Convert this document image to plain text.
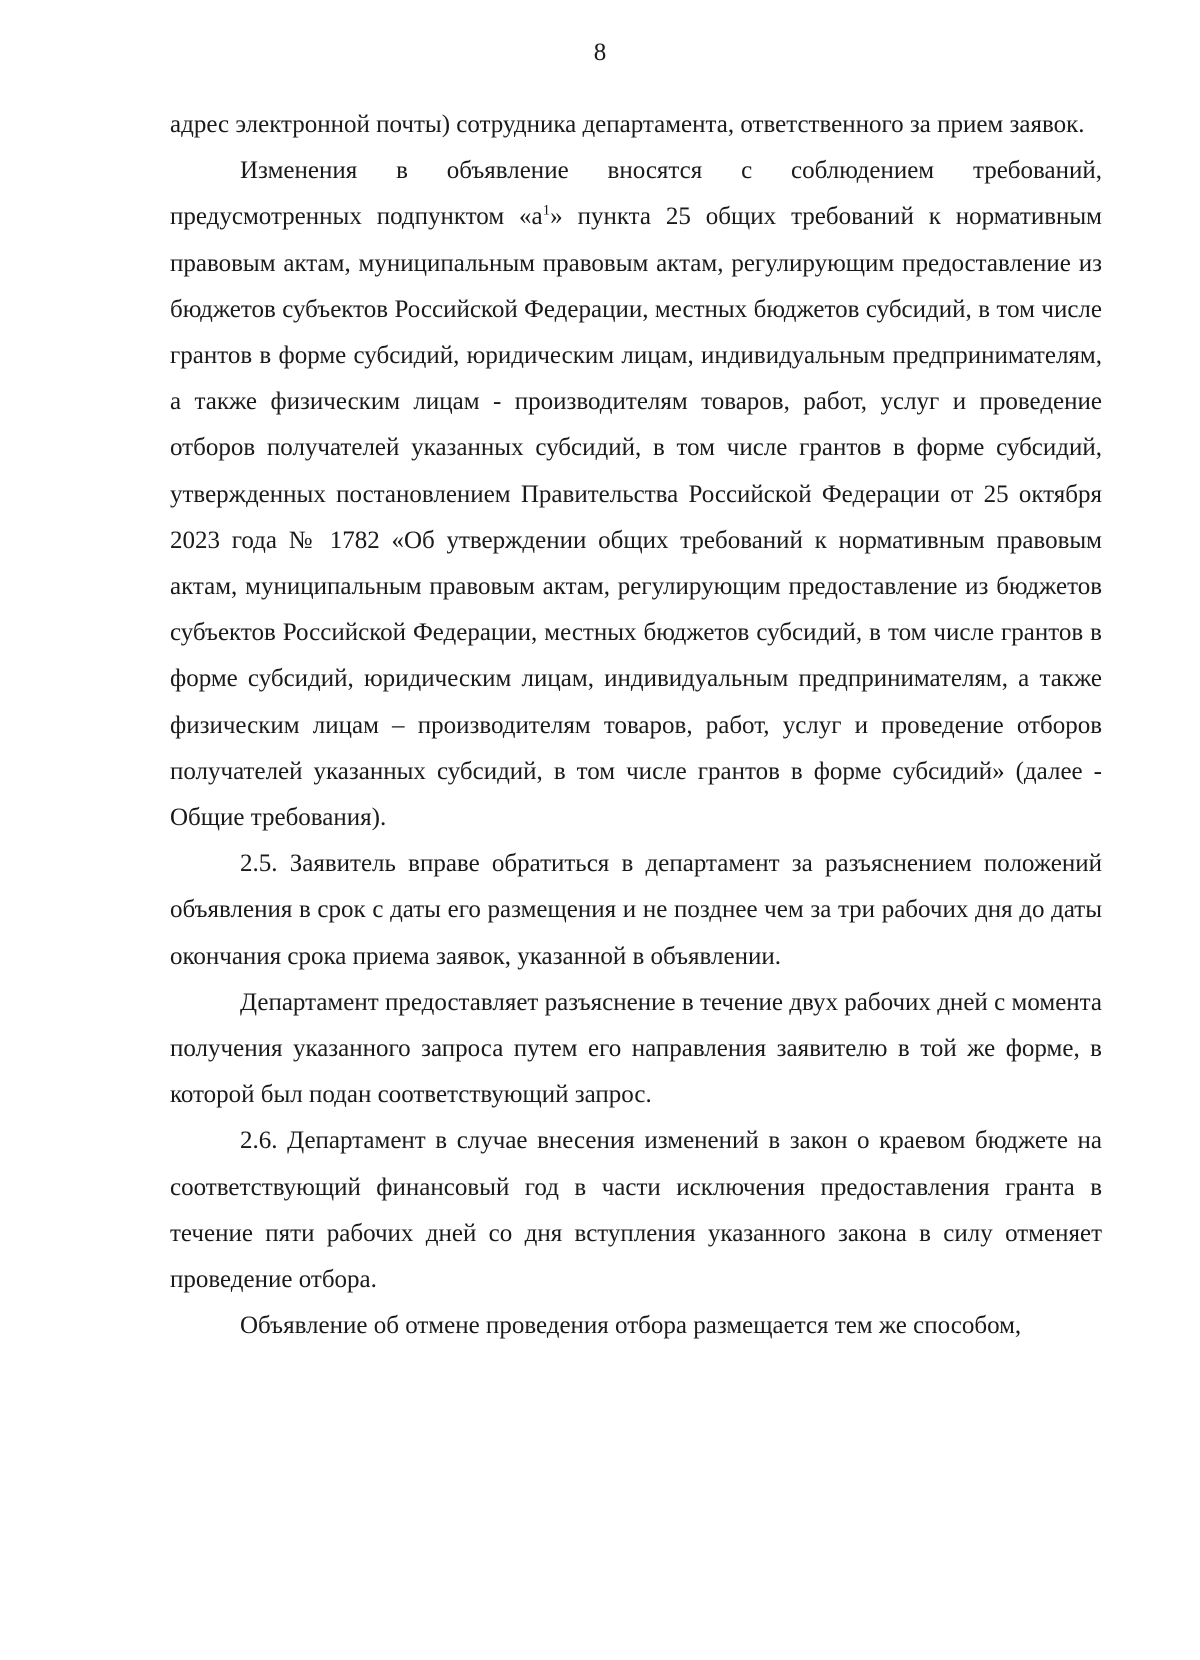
8

адрес электронной почты) сотрудника департамента, ответственного за прием заявок.

Изменения в объявление вносятся с соблюдением требований, предусмотренных подпунктом «$а^1$» пункта 25 общих требований к нормативным правовым актам, муниципальным правовым актам, регулирующим предоставление из бюджетов субъектов Российской Федерации, местных бюджетов субсидий, в том числе грантов в форме субсидий, юридическим лицам, индивидуальным предпринимателям, а также физическим лицам - производителям товаров, работ, услуг и проведение отборов получателей указанных субсидий, в том числе грантов в форме субсидий, утвержденных постановлением Правительства Российской Федерации от 25 октября 2023 года № 1782 «Об утверждении общих требований к нормативным правовым актам, муниципальным правовым актам, регулирующим предоставление из бюджетов субъектов Российской Федерации, местных бюджетов субсидий, в том числе грантов в форме субсидий, юридическим лицам, индивидуальным предпринимателям, а также физическим лицам – производителям товаров, работ, услуг и проведение отборов получателей указанных субсидий, в том числе грантов в форме субсидий» (далее - Общие требования).

2.5. Заявитель вправе обратиться в департамент за разъяснением положений объявления в срок с даты его размещения и не позднее чем за три рабочих дня до даты окончания срока приема заявок, указанной в объявлении.

Департамент предоставляет разъяснение в течение двух рабочих дней с момента получения указанного запроса путем его направления заявителю в той же форме, в которой был подан соответствующий запрос.

2.6. Департамент в случае внесения изменений в закон о краевом бюджете на соответствующий финансовый год в части исключения предоставления гранта в течение пяти рабочих дней со дня вступления указанного закона в силу отменяет проведение отбора.

Объявление об отмене проведения отбора размещается тем же способом,
